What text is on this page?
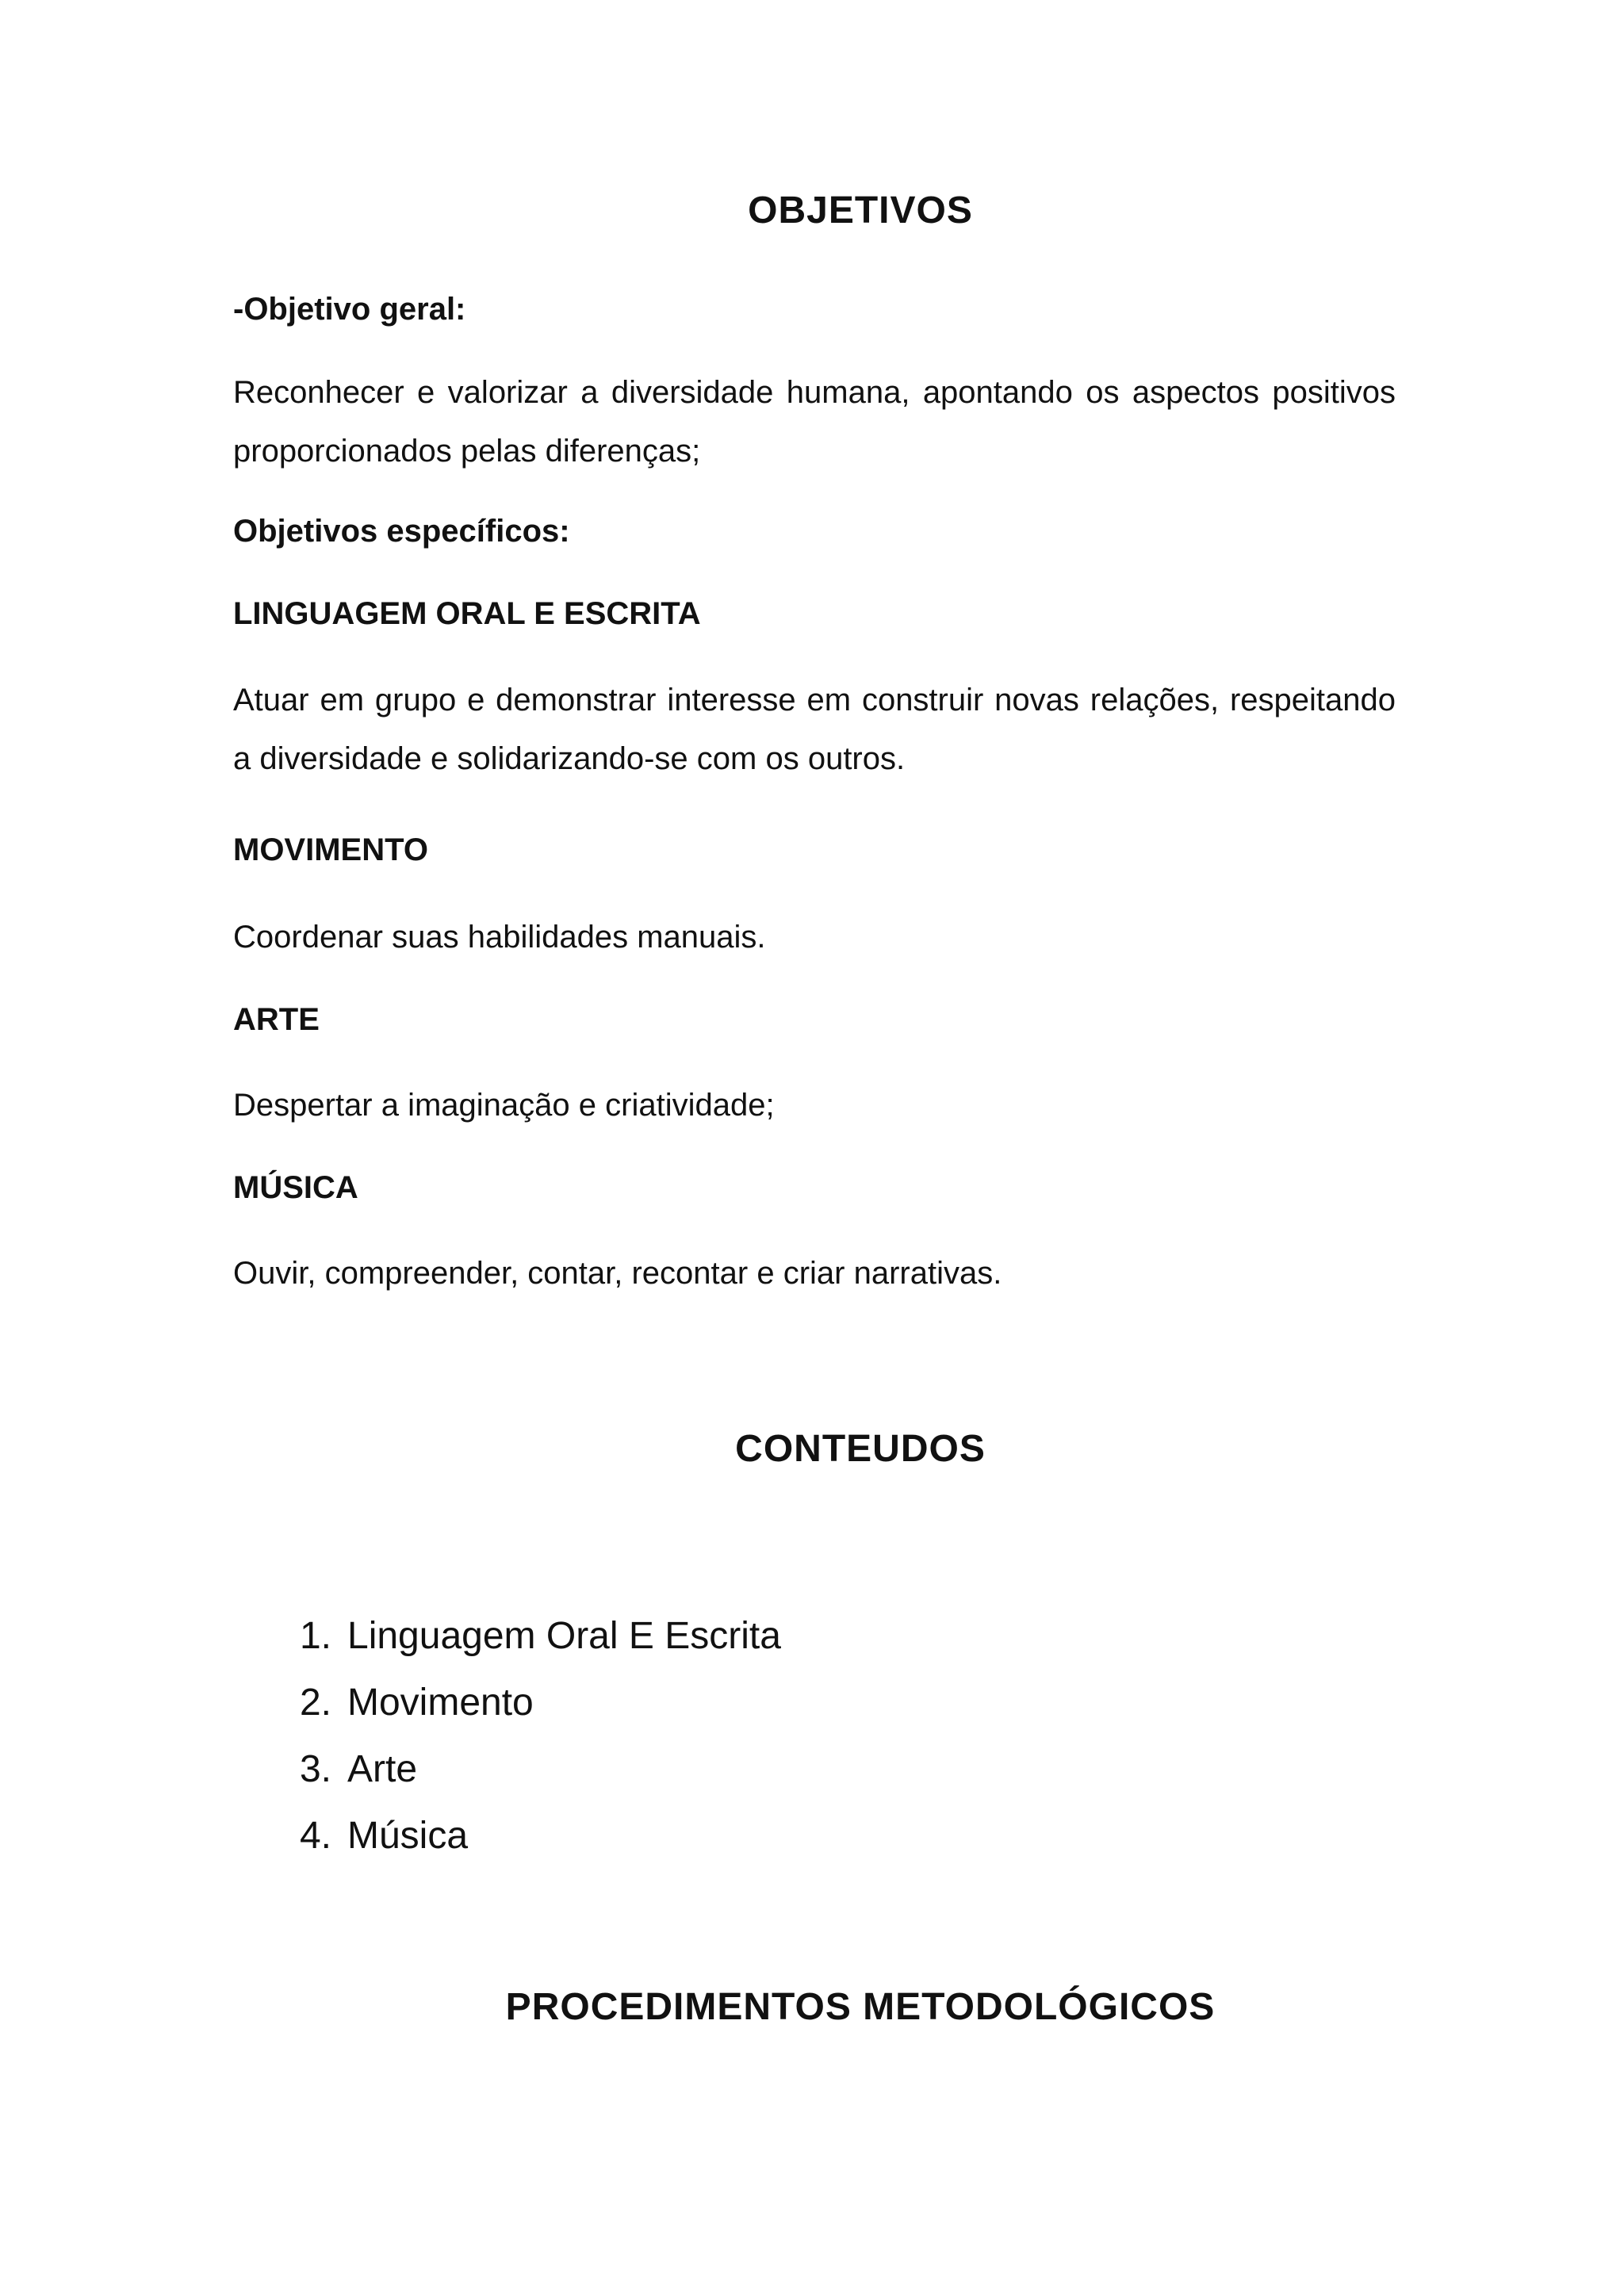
OBJETIVOS

-Objetivo geral:

Reconhecer e valorizar a diversidade humana, apontando os aspectos positivos proporcionados pelas diferenças;

Objetivos específicos:

LINGUAGEM ORAL E ESCRITA

Atuar em grupo e demonstrar interesse em construir novas relações, respeitando a diversidade e solidarizando-se com os outros.

MOVIMENTO

Coordenar suas habilidades manuais.

ARTE

Despertar a imaginação e criatividade;

MÚSICA

Ouvir, compreender, contar, recontar e criar narrativas.

CONTEUDOS
1. Linguagem Oral E Escrita
2. Movimento
3. Arte
4. Música
PROCEDIMENTOS METODOLÓGICOS
